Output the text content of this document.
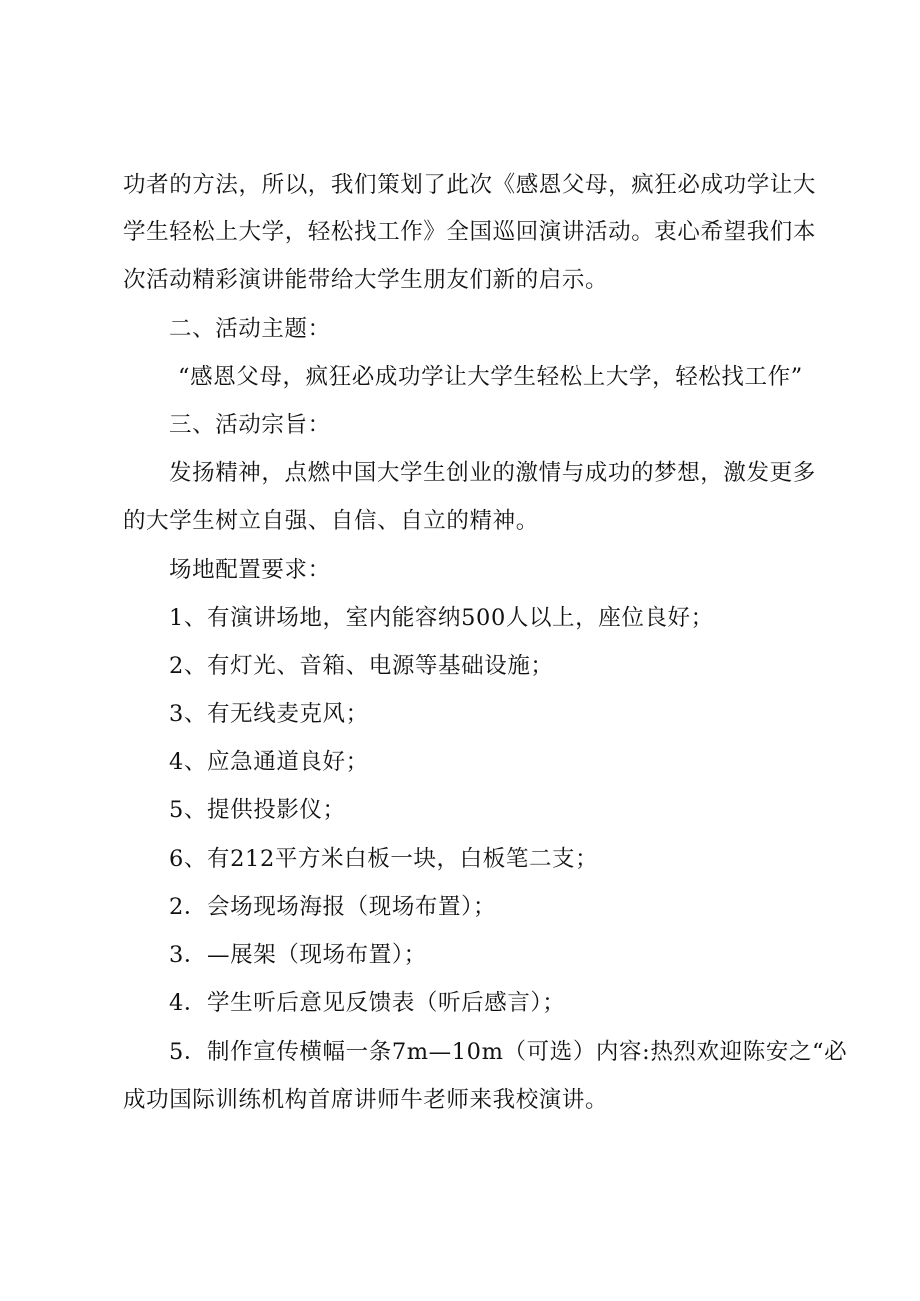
功者的方法，所以，我们策划了此次《感恩父母，疯狂必成功学让大
学生轻松上大学，轻松找工作》全国巡回演讲活动。衷心希望我们本
次活动精彩演讲能带给大学生朋友们新的启示。
二、活动主题：
“感恩父母，疯狂必成功学让大学生轻松上大学，轻松找工作”
三、活动宗旨：
发扬精神，点燃中国大学生创业的激情与成功的梦想，激发更多
的大学生树立自强、自信、自立的精神。
场地配置要求：
1、有演讲场地，室内能容纳500人以上，座位良好；
2、有灯光、音箱、电源等基础设施；
3、有无线麦克风；
4、应急通道良好；
5、提供投影仪；
6、有212平方米白板一块，白板笔二支；
2．会场现场海报（现场布置）；
3．—展架（现场布置）；
4．学生听后意见反馈表（听后感言）；
5．制作宣传横幅一条7m—10m（可选）内容:热烈欢迎陈安之“必
成功国际训练机构首席讲师牛老师来我校演讲。
